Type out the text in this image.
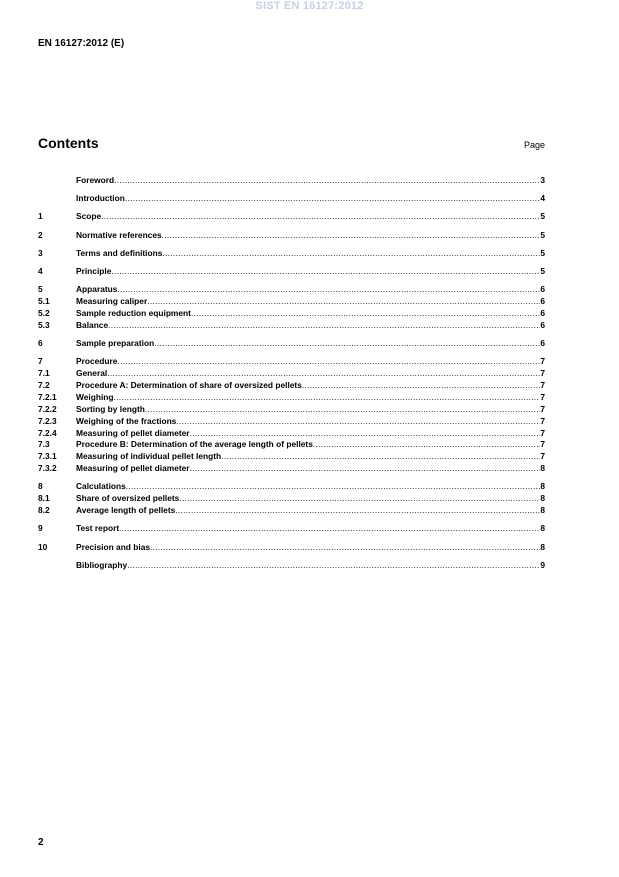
SIST EN 16127:2012
EN 16127:2012 (E)
Contents	Page
Foreword .....	3
Introduction .....	4
1	Scope .....	5
2	Normative references .....	5
3	Terms and definitions .....	5
4	Principle .....	5
5	Apparatus .....	6
5.1	Measuring caliper .....	6
5.2	Sample reduction equipment .....	6
5.3	Balance .....	6
6	Sample preparation .....	6
7	Procedure .....	7
7.1	General .....	7
7.2	Procedure A: Determination of share of oversized pellets .....	7
7.2.1	Weighing .....	7
7.2.2	Sorting by length .....	7
7.2.3	Weighing of the fractions .....	7
7.2.4	Measuring of pellet diameter .....	7
7.3	Procedure B: Determination of the average length of pellets .....	7
7.3.1	Measuring of individual pellet length .....	7
7.3.2	Measuring of pellet diameter .....	8
8	Calculations .....	8
8.1	Share of oversized pellets .....	8
8.2	Average length of pellets .....	8
9	Test report .....	8
10	Precision and bias .....	8
Bibliography .....	9
2
